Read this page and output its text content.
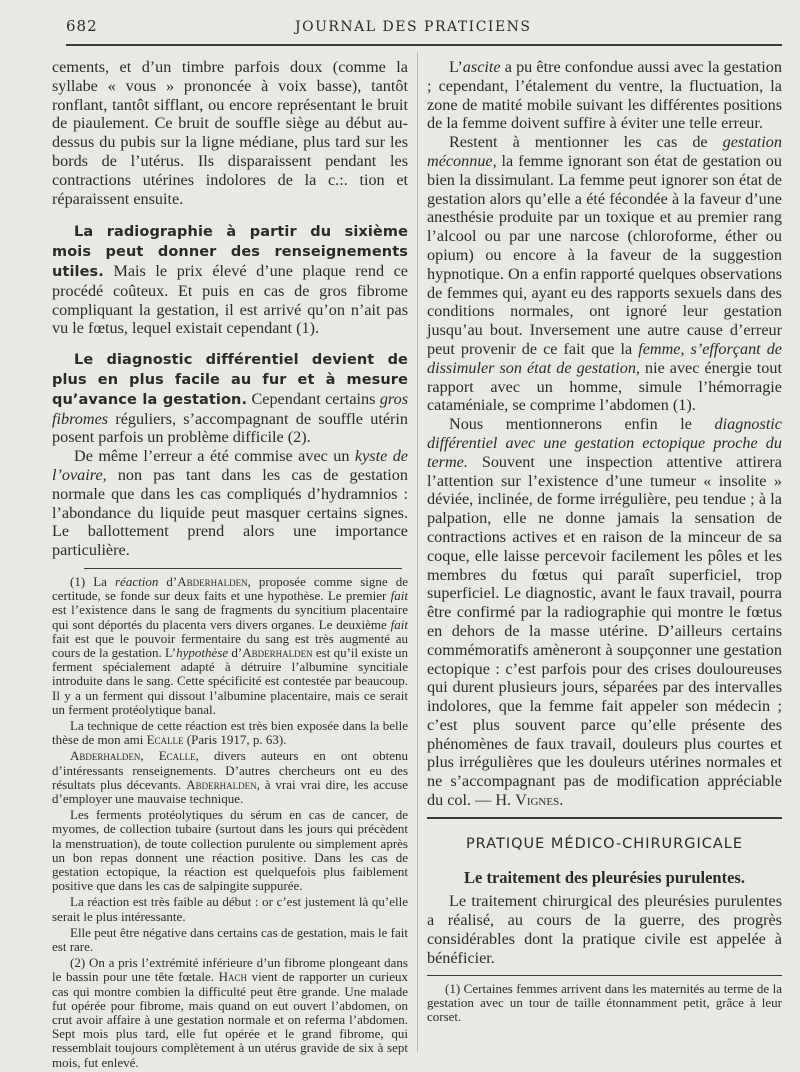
682	JOURNAL DES PRATICIENS

cements, et d’un timbre parfois doux (comme la syllabe « vous » prononcée à voix basse), tantôt ronflant, tantôt sifflant, ou encore représentant le bruit de piaulement. Ce bruit de souffle siège au début au-dessus du pubis sur la ligne médiane, plus tard sur les bords de l’utérus. Ils disparaissent pendant les contractions utérines indolores de la c.:. tion et réparaissent ensuite.

La radiographie à partir du sixième mois peut donner des renseignements utiles. Mais le prix élevé d’une plaque rend ce procédé coûteux. Et puis en cas de gros fibrome compliquant la gestation, il est arrivé qu’on n’ait pas vu le fœtus, lequel existait cependant (1).

Le diagnostic différentiel devient de plus en plus facile au fur et à mesure qu’avance la gestation. Cependant certains gros fibromes réguliers, s’accompagnant de souffle utérin posent parfois un problème difficile (2).

De même l’erreur a été commise avec un kyste de l’ovaire, non pas tant dans les cas de gestation normale que dans les cas compliqués d’hydramnios : l’abondance du liquide peut masquer certains signes. Le ballottement prend alors une importance particulière.

(1) La réaction d’Abderhalden, proposée comme signe de certitude, se fonde sur deux faits et une hypothèse. Le premier fait est l’existence dans le sang de fragments du syncitium placentaire qui sont déportés du placenta vers divers organes. Le deuxième fait fait est que le pouvoir fermentaire du sang est très augmenté au cours de la gestation. L’hypothèse d’Abderhalden est qu’il existe un ferment spécialement adapté à détruire l’albumine syncitiale introduite dans le sang. Cette spécificité est contestée par beaucoup. Il y a un ferment qui dissout l’albumine placentaire, mais ce serait un ferment protéolytique banal.

La technique de cette réaction est très bien exposée dans la belle thèse de mon ami Ecalle (Paris 1917, p. 63).

Abderhalden, Ecalle, divers auteurs en ont obtenu d’intéressants renseignements. D’autres chercheurs ont eu des résultats plus décevants. Abderhalden, à vrai vrai dire, les accuse d’employer une mauvaise technique.

Les ferments protéolytiques du sérum en cas de cancer, de myomes, de collection tubaire (surtout dans les jours qui précèdent la menstruation), de toute collection purulente ou simplement après un bon repas donnent une réaction positive. Dans les cas de gestation ectopique, la réaction est quelquefois plus faiblement positive que dans les cas de salpingite suppurée.

La réaction est très faible au début : or c’est justement là qu’elle serait le plus intéressante.

Elle peut être négative dans certains cas de gestation, mais le fait est rare.

(2) On a pris l’extrémité inférieure d’un fibrome plongeant dans le bassin pour une tête fœtale. Hach vient de rapporter un curieux cas qui montre combien la difficulté peut être grande. Une malade fut opérée pour fibrome, mais quand on eut ouvert l’abdomen, on crut avoir affaire à une gestation normale et on referma l’abdomen. Sept mois plus tard, elle fut opérée et le grand fibrome, qui ressemblait toujours complètement à un utérus gravide de six à sept mois, fut enlevé.

L’ascite a pu être confondue aussi avec la gestation ; cependant, l’étalement du ventre, la fluctuation, la zone de matité mobile suivant les différentes positions de la femme doivent suffire à éviter une telle erreur.

Restent à mentionner les cas de gestation méconnue, la femme ignorant son état de gestation ou bien la dissimulant. La femme peut ignorer son état de gestation alors qu’elle a été fécondée à la faveur d’une anesthésie produite par un toxique et au premier rang l’alcool ou par une narcose (chloroforme, éther ou opium) ou encore à la faveur de la suggestion hypnotique. On a enfin rapporté quelques observations de femmes qui, ayant eu des rapports sexuels dans des conditions normales, ont ignoré leur gestation jusqu’au bout. Inversement une autre cause d’erreur peut provenir de ce fait que la femme, s’efforçant de dissimuler son état de gestation, nie avec énergie tout rapport avec un homme, simule l’hémorragie cataméniale, se comprime l’abdomen (1).

Nous mentionnerons enfin le diagnostic différentiel avec une gestation ectopique proche du terme. Souvent une inspection attentive attirera l’attention sur l’existence d’une tumeur « insolite » déviée, inclinée, de forme irrégulière, peu tendue ; à la palpation, elle ne donne jamais la sensation de contractions actives et en raison de la minceur de sa coque, elle laisse percevoir facilement les pôles et les membres du fœtus qui paraît superficiel, trop superficiel. Le diagnostic, avant le faux travail, pourra être confirmé par la radiographie qui montre le fœtus en dehors de la masse utérine. D’ailleurs certains commémoratifs amèneront à soupçonner une gestation ectopique : c’est parfois pour des crises douloureuses qui durent plusieurs jours, séparées par des intervalles indolores, que la femme fait appeler son médecin ; c’est plus souvent parce qu’elle présente des phénomènes de faux travail, douleurs plus courtes et plus irrégulières que les douleurs utérines normales et ne s’accompagnant pas de modification appréciable du col. — H. Vignes.

PRATIQUE MÉDICO-CHIRURGICALE
Le traitement des pleurésies purulentes.

Le traitement chirurgical des pleurésies purulentes a réalisé, au cours de la guerre, des progrès considérables dont la pratique civile est appelée à bénéficier.

(1) Certaines femmes arrivent dans les maternités au terme de la gestation avec un tour de taille étonnamment petit, grâce à leur corset.
